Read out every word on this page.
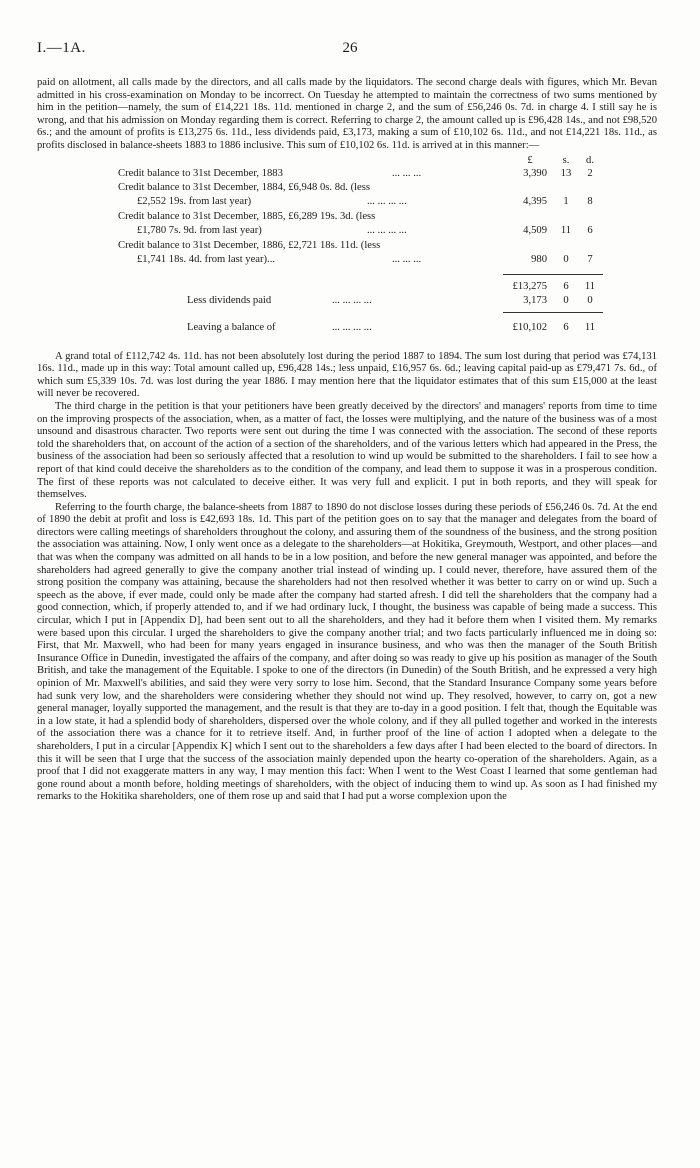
I.—1A.	26

paid on allotment, all calls made by the directors, and all calls made by the liquidators. The second charge deals with figures, which Mr. Bevan admitted in his cross-examination on Monday to be incorrect. On Tuesday he attempted to maintain the correctness of two sums mentioned by him in the petition—namely, the sum of £14,221 18s. 11d. mentioned in charge 2, and the sum of £56,246 0s. 7d. in charge 4. I still say he is wrong, and that his admission on Monday regarding them is correct. Referring to charge 2, the amount called up is £96,428 14s., and not £98,520 6s.; and the amount of profits is £13,275 6s. 11d., less dividends paid, £3,173, making a sum of £10,102 6s. 11d., and not £14,221 18s. 11d., as profits disclosed in balance-sheets 1883 to 1886 inclusive. This sum of £10,102 6s. 11d. is arrived at in this manner:—

£	s.	d.
Credit balance to 31st December, 1883	... ... ...	3,390	13	2
Credit balance to 31st December, 1884, £6,948 0s. 8d. (less
£2,552 19s. from last year)	... ... ... ...	4,395	1	8
Credit balance to 31st December, 1885, £6,289 19s. 3d. (less
£1,780 7s. 9d. from last year)	... ... ... ...	4,509	11	6
Credit balance to 31st December, 1886, £2,721 18s. 11d. (less
£1,741 18s. 4d. from last year)...	... ... ...	980	0	7
£13,275	6	11
Less dividends paid	... ... ... ...	3,173	0	0
Leaving a balance of	... ... ... ...	£10,102	6	11

A grand total of £112,742 4s. 11d. has not been absolutely lost during the period 1887 to 1894. The sum lost during that period was £74,131 16s. 11d., made up in this way: Total amount called up, £96,428 14s.; less unpaid, £16,957 6s. 6d.; leaving capital paid-up as £79,471 7s. 6d., of which sum £5,339 10s. 7d. was lost during the year 1886. I may mention here that the liquidator estimates that of this sum £15,000 at the least will never be recovered.

The third charge in the petition is that your petitioners have been greatly deceived by the directors' and managers' reports from time to time on the improving prospects of the association, when, as a matter of fact, the losses were multiplying, and the nature of the business was of a most unsound and disastrous character. Two reports were sent out during the time I was connected with the association. The second of these reports told the shareholders that, on account of the action of a section of the shareholders, and of the various letters which had appeared in the Press, the business of the association had been so seriously affected that a resolution to wind up would be submitted to the shareholders. I fail to see how a report of that kind could deceive the shareholders as to the condition of the company, and lead them to suppose it was in a prosperous condition. The first of these reports was not calculated to deceive either. It was very full and explicit. I put in both reports, and they will speak for themselves.

Referring to the fourth charge, the balance-sheets from 1887 to 1890 do not disclose losses during these periods of £56,246 0s. 7d. At the end of 1890 the debit at profit and loss is £42,693 18s. 1d. This part of the petition goes on to say that the manager and delegates from the board of directors were calling meetings of shareholders throughout the colony, and assuring them of the soundness of the business, and the strong position the association was attaining. Now, I only went once as a delegate to the shareholders—at Hokitika, Greymouth, Westport, and other places—and that was when the company was admitted on all hands to be in a low position, and before the new general manager was appointed, and before the shareholders had agreed generally to give the company another trial instead of winding up. I could never, therefore, have assured them of the strong position the company was attaining, because the shareholders had not then resolved whether it was better to carry on or wind up. Such a speech as the above, if ever made, could only be made after the company had started afresh. I did tell the shareholders that the company had a good connection, which, if properly attended to, and if we had ordinary luck, I thought, the business was capable of being made a success. This circular, which I put in [Appendix D], had been sent out to all the shareholders, and they had it before them when I visited them. My remarks were based upon this circular. I urged the shareholders to give the company another trial; and two facts particularly influenced me in doing so: First, that Mr. Maxwell, who had been for many years engaged in insurance business, and who was then the manager of the South British Insurance Office in Dunedin, investigated the affairs of the company, and after doing so was ready to give up his position as manager of the South British, and take the management of the Equitable. I spoke to one of the directors (in Dunedin) of the South British, and he expressed a very high opinion of Mr. Maxwell's abilities, and said they were very sorry to lose him. Second, that the Standard Insurance Company some years before had sunk very low, and the shareholders were considering whether they should not wind up. They resolved, however, to carry on, got a new general manager, loyally supported the management, and the result is that they are to-day in a good position. I felt that, though the Equitable was in a low state, it had a splendid body of shareholders, dispersed over the whole colony, and if they all pulled together and worked in the interests of the association there was a chance for it to retrieve itself. And, in further proof of the line of action I adopted when a delegate to the shareholders, I put in a circular [Appendix K] which I sent out to the shareholders a few days after I had been elected to the board of directors. In this it will be seen that I urge that the success of the association mainly depended upon the hearty co-operation of the shareholders. Again, as a proof that I did not exaggerate matters in any way, I may mention this fact: When I went to the West Coast I learned that some gentleman had gone round about a month before, holding meetings of shareholders, with the object of inducing them to wind up. As soon as I had finished my remarks to the Hokitika shareholders, one of them rose up and said that I had put a worse complexion upon the
